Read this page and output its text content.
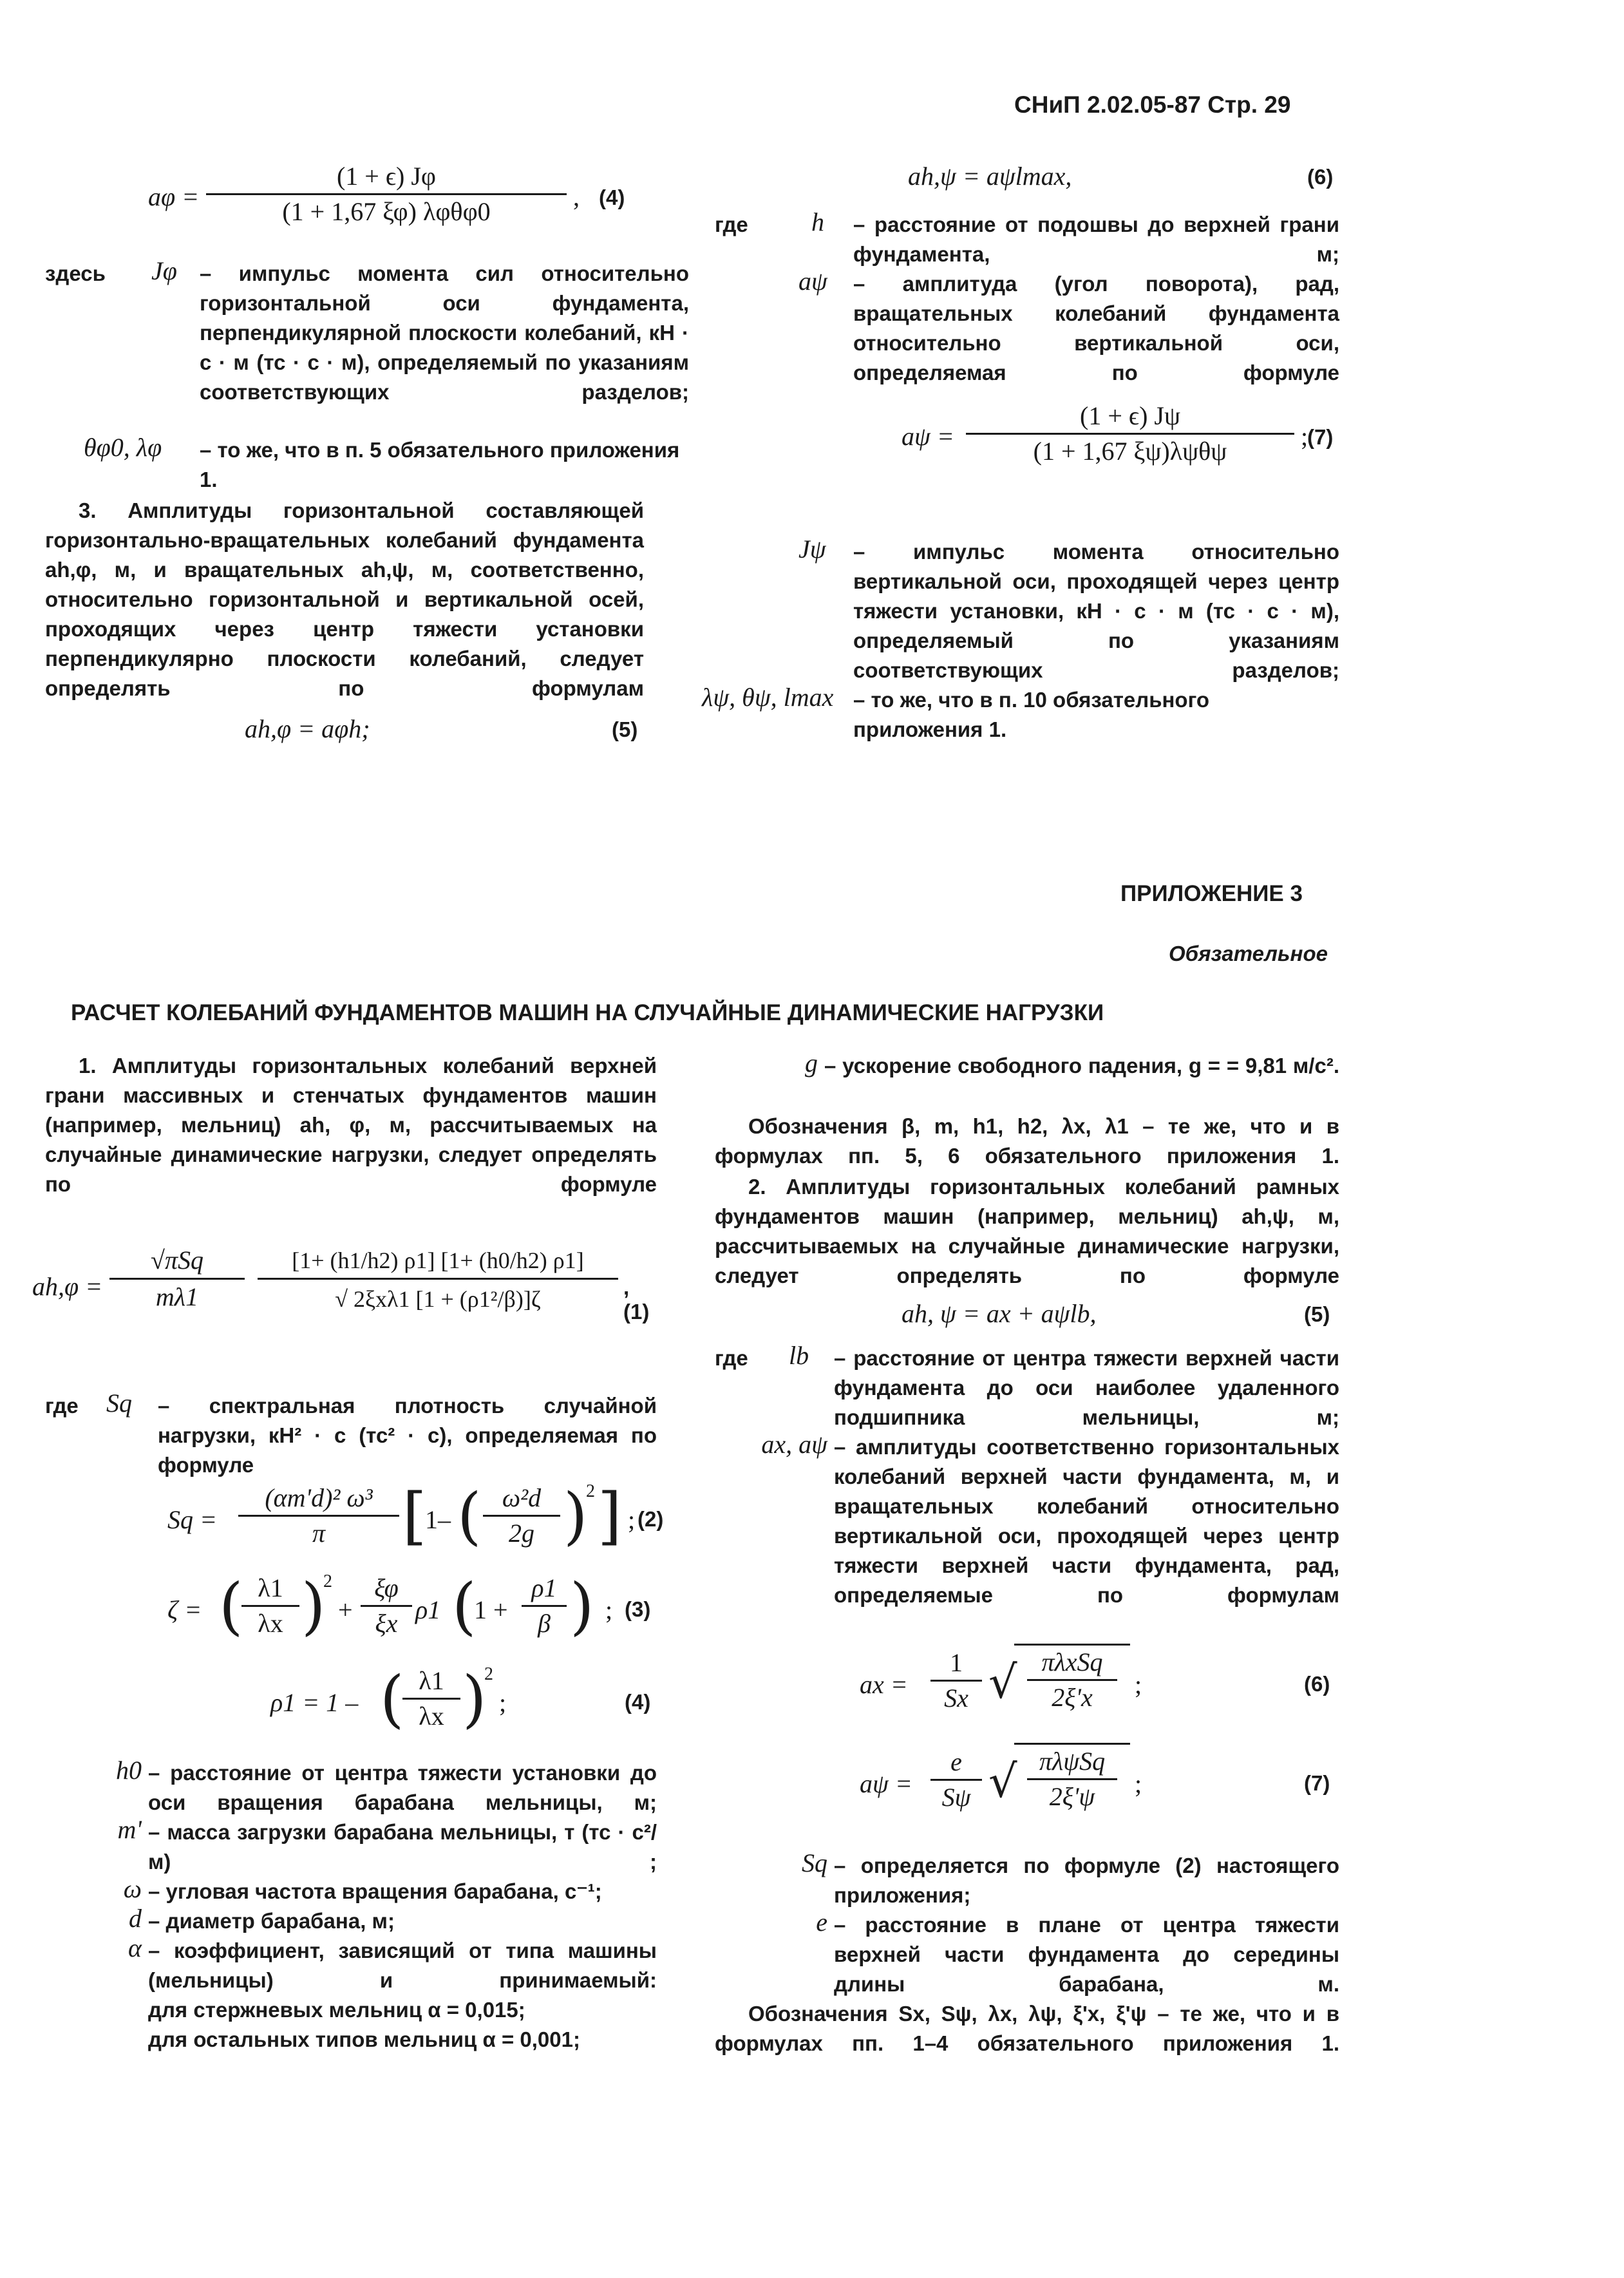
СНиП 2.02.05-87 Стр. 29
aφ =
(1 + ϵ) Jφ
(1 + 1,67 ξφ) λφθφ0
, (4)
здесь Jφ – импульс момента сил относительно горизонтальной оси фундамента, перпендикулярной плоскости колебаний, кН · с · м (тс · с · м), определяемый по указаниям соответствующих разделов;
θφ0, λφ – то же, что в п. 5 обязательного приложения 1.
3. Амплитуды горизонтальной составляющей горизонтально-вращательных колебаний фундамента ah,φ, м, и вращательных ah,ψ, м, соответственно, относительно горизонтальной и вертикальной осей, проходящих через центр тяжести установки перпендикулярно плоскости колебаний, следует определять по формулам
ah,φ = aφh;	(5)
ah,ψ = aψlmax,	(6)
где h – расстояние от подошвы до верхней грани фундамента, м;
aψ – амплитуда (угол поворота), рад, вращательных колебаний фундамента относительно вертикальной оси, определяемая по формуле
aψ =
(1 + ϵ) Jψ
(1 + 1,67 ξψ)λψθψ
;
(7)
Jψ – импульс момента относительно вертикальной оси, проходящей через центр тяжести установки, кН · с · м (тс · с · м), определяемый по указаниям соответствующих разделов;
λψ, θψ, lmax – то же, что в п. 10 обязательного приложения 1.
ПРИЛОЖЕНИЕ 3
Обязательное
РАСЧЕТ КОЛЕБАНИЙ ФУНДАМЕНТОВ МАШИН НА СЛУЧАЙНЫЕ ДИНАМИЧЕСКИЕ НАГРУЗКИ
1. Амплитуды горизонтальных колебаний верхней грани массивных и стенчатых фундаментов машин (например, мельниц) ah, φ, м, рассчитываемых на случайные динамические нагрузки, следует определять по формуле
ah,φ =
√πSq
mλ1
[1+ (h1/h2) ρ1] [1+ (h0/h2) ρ1]
√ 2ξxλ1 [1 + (ρ1²/β)]ζ	, (1)
где Sq – спектральная плотность случайной нагрузки, кН² · с (тс² · с), определяемая по формуле
Sq =
(αm'd)² ω³
π	[
1– ( ω²d
2g )
2 ] ; (2)
ζ = ( λ1
λx )
2
+
ξφ
ξx ρ1 (
1 +
ρ1
β ) ; (3)
ρ1 = 1 – ( λ1
λx )
2
;	(4)
h0 – расстояние от центра тяжести установки до оси вращения барабана мельницы, м;
m' – масса загрузки барабана мельницы, т (тс · с²/м) ;
ω – угловая частота вращения барабана, с⁻¹;
d – диаметр барабана, м;
α – коэффициент, зависящий от типа машины (мельницы) и принимаемый:
для стержневых мельниц α = 0,015;
для остальных типов мельниц α = 0,001;
g – ускорение свободного падения, g = = 9,81 м/с².
Обозначения β, m, h1, h2, λx, λ1 – те же, что и в формулах пп. 5, 6 обязательного приложения 1.
2. Амплитуды горизонтальных колебаний рамных фундаментов машин (например, мельниц) ah,ψ, м, рассчитываемых на случайные динамические нагрузки, следует определять по формуле
ah, ψ = ax + aψlb,	(5)
где lb – расстояние от центра тяжести верхней части фундамента до оси наиболее удаленного подшипника мельницы, м;
ax, aψ – амплитуды соответственно горизонтальных колебаний верхней части фундамента, м, и вращательных колебаний относительно вертикальной оси, проходящей через центр тяжести верхней части фундамента, рад, определяемые по формулам
ax =
1
Sx √ πλxSq
2ξ'x	;	(6)
aψ =
e
Sψ √ πλψSq
2ξ'ψ	;	(7)
Sq – определяется по формуле (2) настоящего приложения;
e – расстояние в плане от центра тяжести верхней части фундамента до середины длины барабана, м.
Обозначения Sx, Sψ, λx, λψ, ξ'x, ξ'ψ – те же, что и в формулах пп. 1–4 обязательного приложения 1.
